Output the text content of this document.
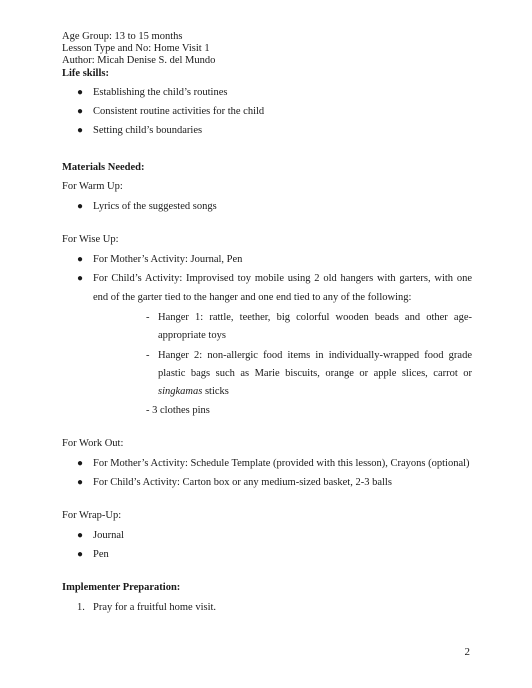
Age Group: 13 to 15 months

Lesson Type and No: Home Visit 1

Author: Micah Denise S. del Mundo

Life skills:

● Establishing the child’s routines
● Consistent routine activities for the child
● Setting child’s boundaries

Materials Needed:

For Warm Up:

● Lyrics of the suggested songs

For Wise Up:

● For Mother’s Activity: Journal, Pen
● For Child’s Activity: Improvised toy mobile using 2 old hangers with garters, with one end of the garter tied to the hanger and one end tied to any of the following:
- Hanger 1: rattle, teether, big colorful wooden beads and other age-appropriate toys
- Hanger 2: non-allergic food items in individually-wrapped food grade plastic bags such as Marie biscuits, orange or apple slices, carrot or singkamas sticks

- 3 clothes pins

For Work Out:

● For Mother’s Activity: Schedule Template (provided with this lesson), Crayons (optional)
● For Child’s Activity: Carton box or any medium-sized basket, 2-3 balls

For Wrap-Up:

● Journal
● Pen

Implementer Preparation:

1. Pray for a fruitful home visit.
2
